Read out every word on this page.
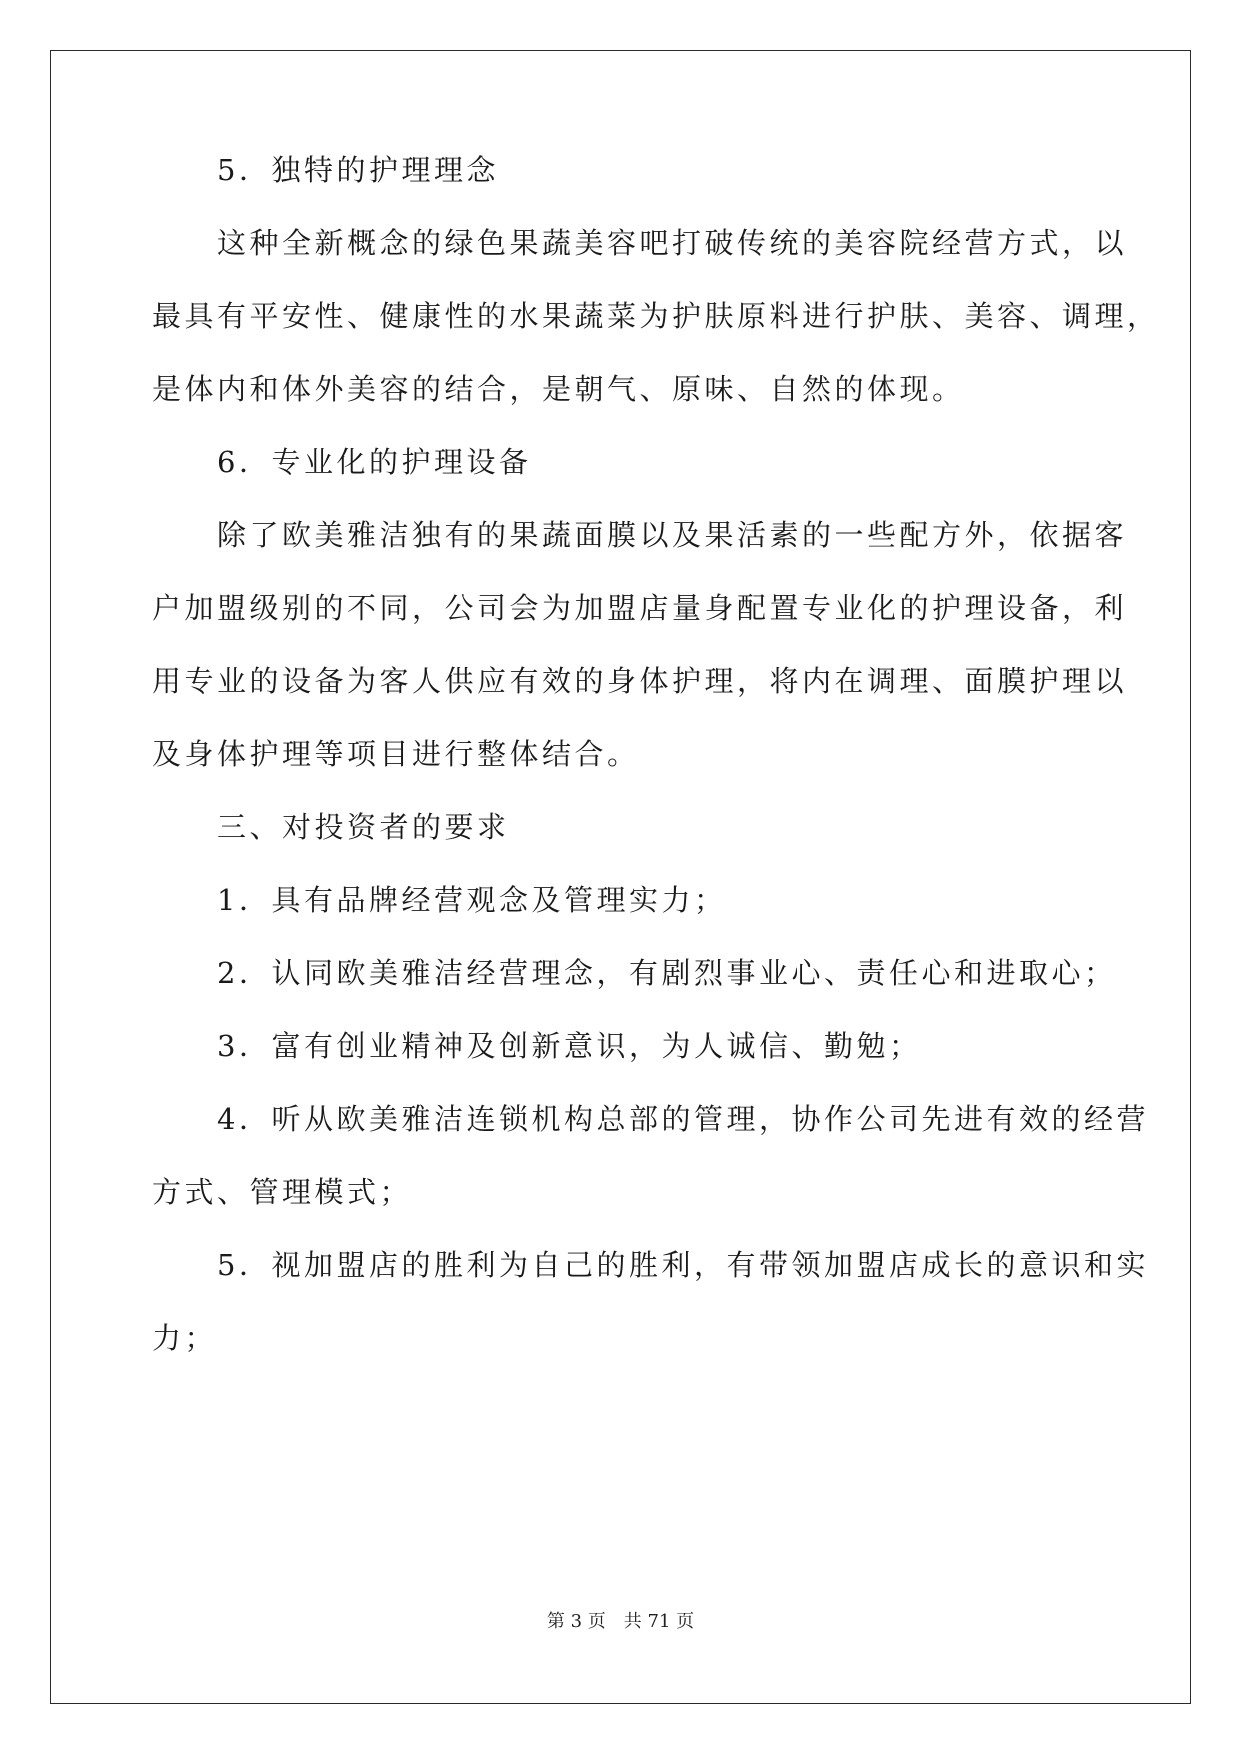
　　5．独特的护理理念
　　这种全新概念的绿色果蔬美容吧打破传统的美容院经营方式，以
最具有平安性、健康性的水果蔬菜为护肤原料进行护肤、美容、调理，
是体内和体外美容的结合，是朝气、原味、自然的体现。
　　6．专业化的护理设备
　　除了欧美雅洁独有的果蔬面膜以及果活素的一些配方外，依据客
户加盟级别的不同，公司会为加盟店量身配置专业化的护理设备，利
用专业的设备为客人供应有效的身体护理，将内在调理、面膜护理以
及身体护理等项目进行整体结合。
　　三、对投资者的要求
　　1．具有品牌经营观念及管理实力；
　　2．认同欧美雅洁经营理念，有剧烈事业心、责任心和进取心；
　　3．富有创业精神及创新意识，为人诚信、勤勉；
　　4．听从欧美雅洁连锁机构总部的管理，协作公司先进有效的经营
方式、管理模式；
　　5．视加盟店的胜利为自己的胜利，有带领加盟店成长的意识和实
力；
第 3 页　共 71 页
